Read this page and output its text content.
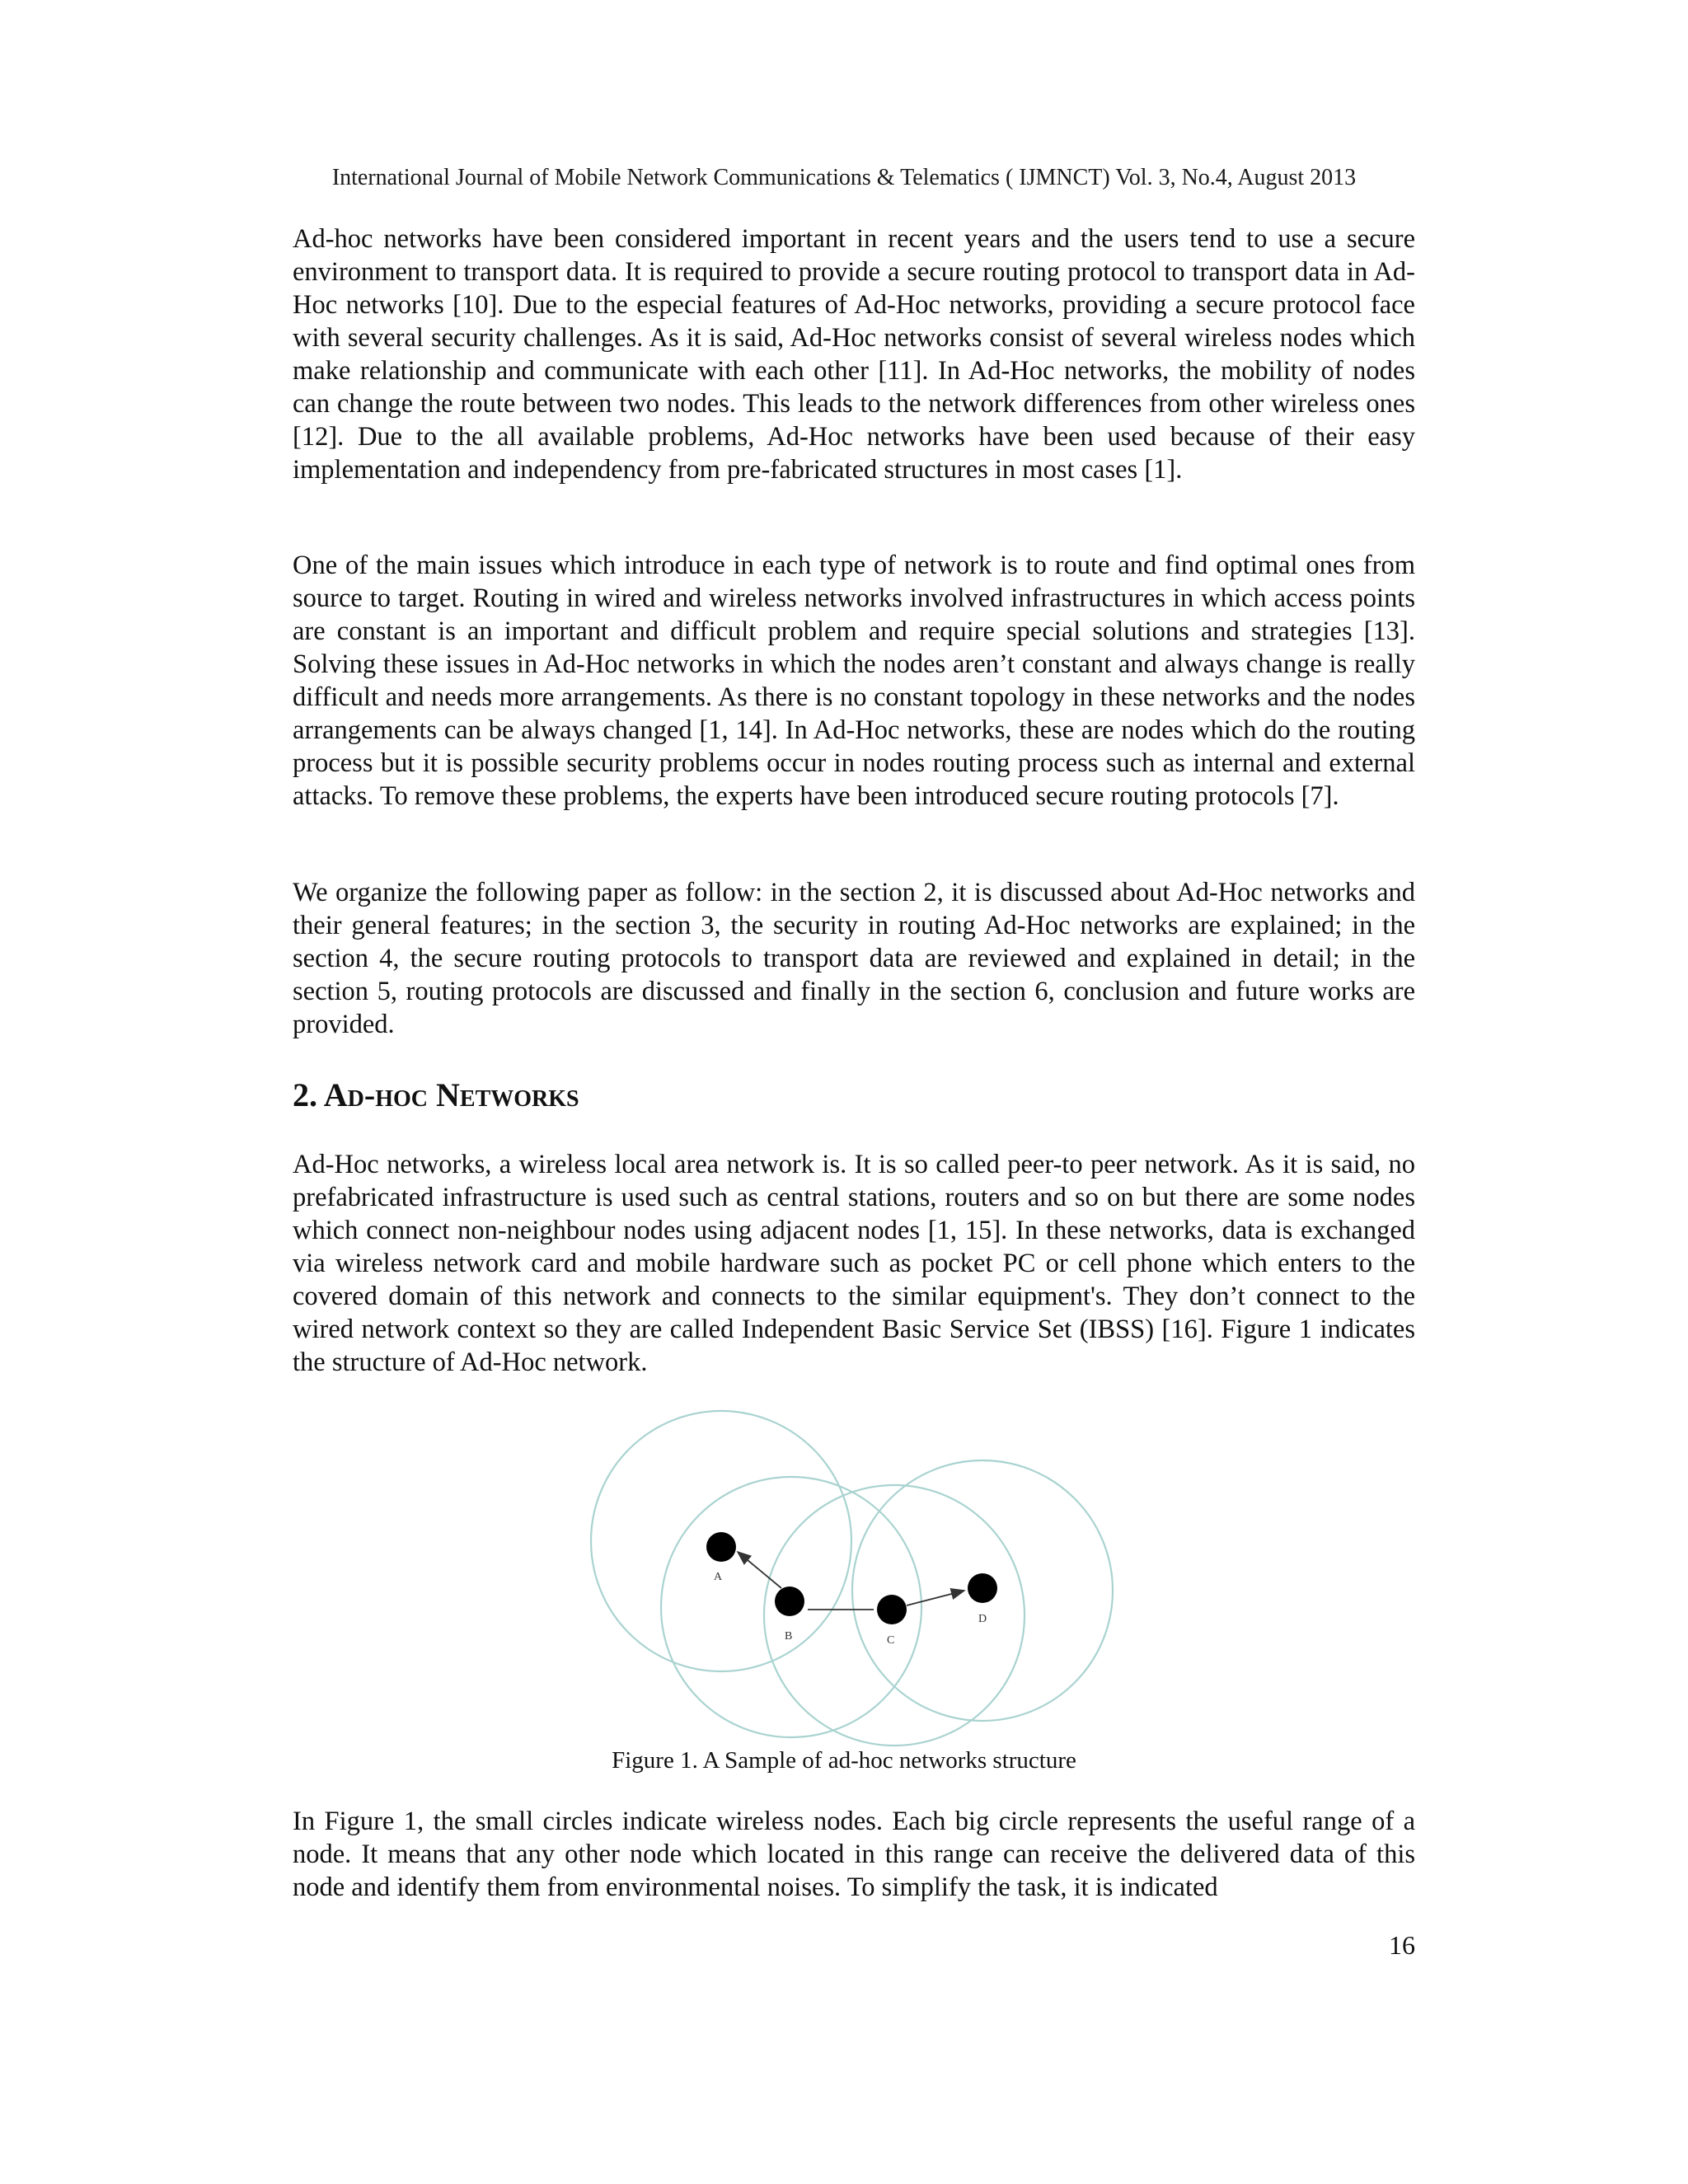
International Journal of Mobile Network Communications & Telematics ( IJMNCT) Vol. 3, No.4, August 2013

Ad-hoc networks have been considered important in recent years and the users tend to use a secure environment to transport data. It is required to provide a secure routing protocol to transport data in Ad-Hoc networks [10]. Due to the especial features of Ad-Hoc networks, providing a secure protocol face with several security challenges. As it is said, Ad-Hoc networks consist of several wireless nodes which make relationship and communicate with each other [11]. In Ad-Hoc networks, the mobility of nodes can change the route between two nodes. This leads to the network differences from other wireless ones [12]. Due to the all available problems, Ad-Hoc networks have been used because of their easy implementation and independency from pre-fabricated structures in most cases [1].

One of the main issues which introduce in each type of network is to route and find optimal ones from source to target. Routing in wired and wireless networks involved infrastructures in which access points are constant is an important and difficult problem and require special solutions and strategies [13]. Solving these issues in Ad-Hoc networks in which the nodes aren’t constant and always change is really difficult and needs more arrangements. As there is no constant topology in these networks and the nodes arrangements can be always changed [1, 14]. In Ad-Hoc networks, these are nodes which do the routing process but it is possible security problems occur in nodes routing process such as internal and external attacks. To remove these problems, the experts have been introduced secure routing protocols [7].

We organize the following paper as follow: in the section 2, it is discussed about Ad-Hoc networks and their general features; in the section 3, the security in routing Ad-Hoc networks are explained; in the section 4, the secure routing protocols to transport data are reviewed and explained in detail; in the section 5, routing protocols are discussed and finally in the section 6, conclusion and future works are provided.

2. Ad-hoc Networks

Ad-Hoc networks, a wireless local area network is. It is so called peer-to peer network. As it is said, no prefabricated infrastructure is used such as central stations, routers and so on but there are some nodes which connect non-neighbour nodes using adjacent nodes [1, 15]. In these networks, data is exchanged via wireless network card and mobile hardware such as pocket PC or cell phone which enters to the covered domain of this network and connects to the similar equipment's. They don’t connect to the wired network context so they are called Independent Basic Service Set (IBSS) [16]. Figure 1 indicates the structure of Ad-Hoc network.

A
B	C
D
Figure 1. A Sample of ad-hoc networks structure

In Figure 1, the small circles indicate wireless nodes. Each big circle represents the useful range of a node. It means that any other node which located in this range can receive the delivered data of this node and identify them from environmental noises. To simplify the task, it is indicated

16
